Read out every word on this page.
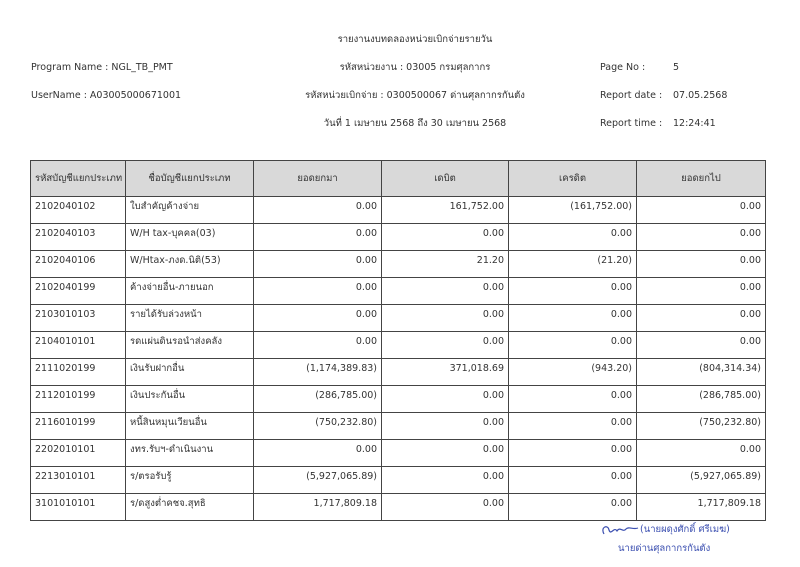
รายงานงบทดลองหน่วยเบิกจ่ายรายวัน
รหัสหน่วยงาน : 03005 กรมศุลกากร
รหัสหน่วยเบิกจ่าย : 0300500067 ด่านศุลกากรกันตัง
วันที่ 1 เมษายน 2568 ถึง 30 เมษายน 2568
Program Name : NGL_TB_PMT
UserName : A03005000671001
Page No :	5
Report date : 07.05.2568
Report time : 12:24:41
รหัสบัญชีแยกประเภท	ชื่อบัญชีแยกประเภท	ยอดยกมา	เดบิต	เครดิต	ยอดยกไป
2102040102	ใบสำคัญค้างจ่าย	0.00	161,752.00	(161,752.00)	0.00
2102040103	W/H tax-บุคคล(03)	0.00	0.00	0.00	0.00
2102040106	W/Htax-ภงด.นิติ(53)	0.00	21.20	(21.20)	0.00
2102040199	ค้างจ่ายอื่น-ภายนอก	0.00	0.00	0.00	0.00
2103010103	รายได้รับล่วงหน้า	0.00	0.00	0.00	0.00
2104010101	รดแผ่นดินรอนำส่งคลัง	0.00	0.00	0.00	0.00
2111020199	เงินรับฝากอื่น	(1,174,389.83)	371,018.69	(943.20)	(804,314.34)
2112010199	เงินประกันอื่น	(286,785.00)	0.00	0.00	(286,785.00)
2116010199	หนี้สินหมุนเวียนอื่น	(750,232.80)	0.00	0.00	(750,232.80)
2202010101	งทร.รับฯ-ดำเนินงาน	0.00	0.00	0.00	0.00
2213010101	ร/ตรอรับรู้	(5,927,065.89)	0.00	0.00	(5,927,065.89)
3101010101	ร/ดสูงต่ำคชจ.สุทธิ	1,717,809.18	0.00	0.00	1,717,809.18
(นายผดุงศักดิ์ ศรีเมฆ)
นายด่านศุลกากรกันตัง
